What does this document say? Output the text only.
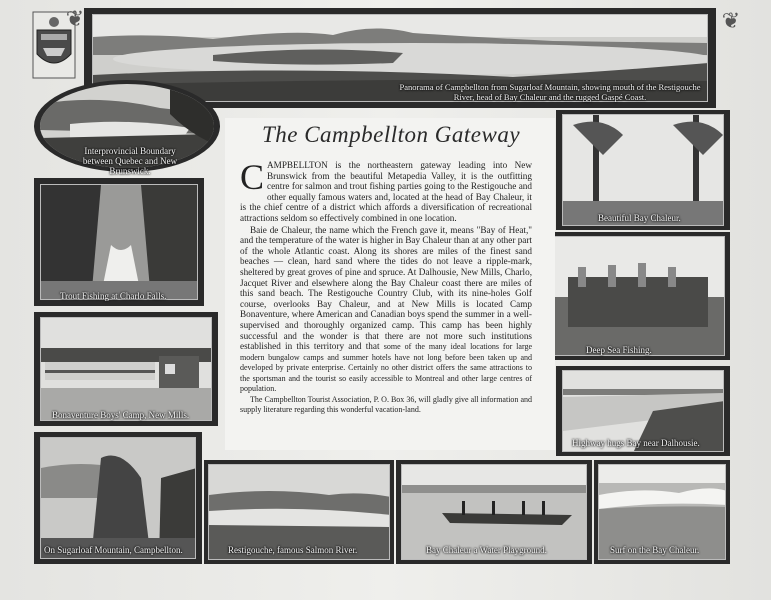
❦	❦
Panorama of Campbellton from Sugarloaf Mountain, showing mouth of the Restigouche River, head of Bay Chaleur and the rugged Gaspé Coast.
Interprovincial Boundary between Quebec and New Brunswick.
Trout Fishing at Charlo Falls.
Bonaventure Boys' Camp, New Mills.
On Sugarloaf Mountain, Campbellton.	Restigouche, famous Salmon River.	Bay Chaleur a Water Playground.	Surf on the Bay Chaleur.
Beautiful Bay Chaleur.
Deep Sea Fishing.
Highway hugs Bay near Dalhousie.
The Campbellton Gateway

CAMPBELLTON is the northeastern gateway leading into New Brunswick from the beautiful Metapedia Valley, it is the outfitting centre for salmon and trout fishing parties going to the Restigouche and other equally famous waters and, located at the head of Bay Chaleur, it is the chief centre of a district which affords a diversification of recreational attractions seldom so effectively combined in one location.

Baie de Chaleur, the name which the French gave it, means "Bay of Heat," and the temperature of the water is higher in Bay Chaleur than at any other part of the whole Atlantic coast. Along its shores are miles of the finest sand beaches — clean, hard sand where the tides do not leave a ripple-mark, sheltered by great groves of pine and spruce. At Dalhousie, New Mills, Charlo, Jacquet River and elsewhere along the Bay Chaleur coast there are miles of this sand beach. The Restigouche Country Club, with its nine-holes Golf course, overlooks Bay Chaleur, and at New Mills is located Camp Bonaventure, where American and Canadian boys spend the summer in a well-supervised and thoroughly organized camp. This camp has been highly successful and the wonder is that there are not more such institutions established in this territory and that some of the many ideal locations for large modern bungalow camps and summer hotels have not long before been taken up and developed by private enterprise. Certainly no other district offers the same attractions to the sportsman and the tourist so easily accessible to Montreal and other large centres of population.

The Campbellton Tourist Association, P. O. Box 36, will gladly give all information and supply literature regarding this wonderful vacation-land.
